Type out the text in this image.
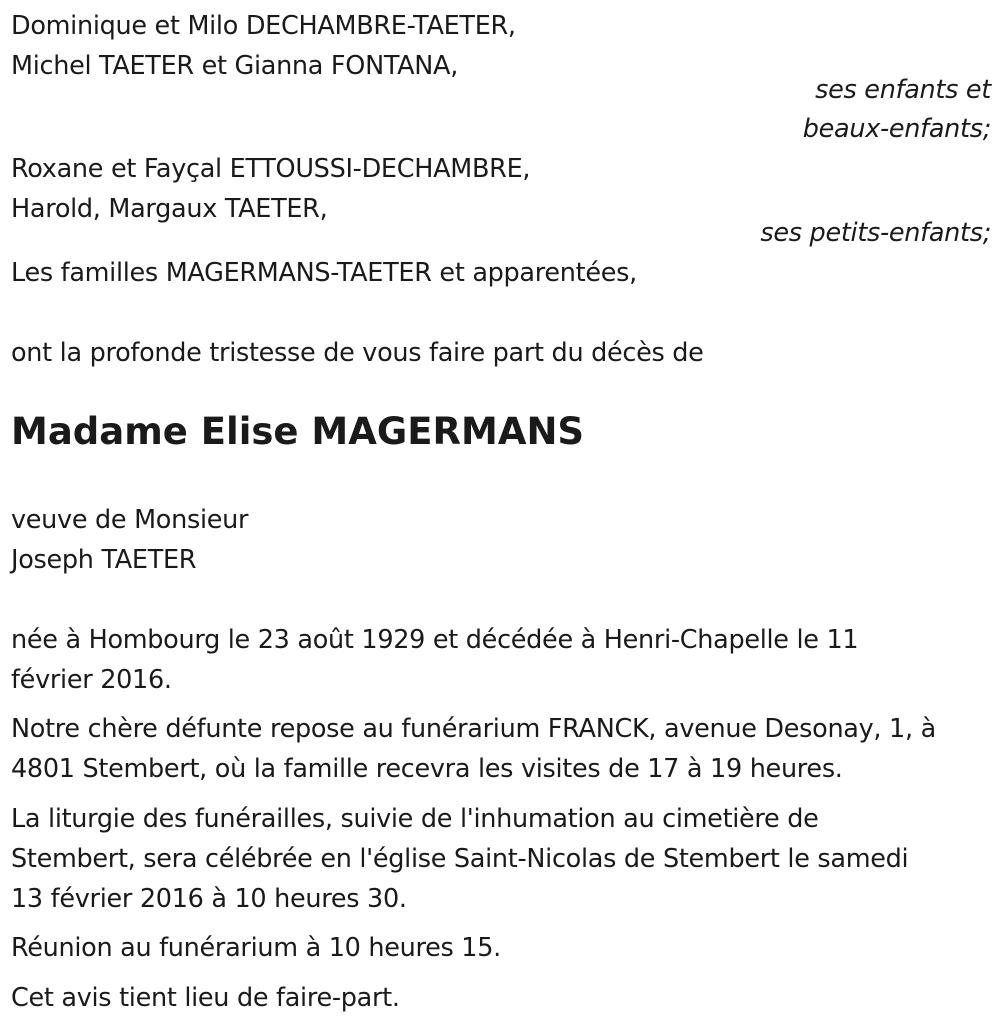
Dominique et Milo DECHAMBRE-TAETER,
Michel TAETER et Gianna FONTANA,
ses enfants et
beaux-enfants;
Roxane et Fayçal ETTOUSSI-DECHAMBRE,
Harold, Margaux TAETER,
ses petits-enfants;
Les familles MAGERMANS-TAETER et apparentées,
ont la profonde tristesse de vous faire part du décès de
Madame Elise MAGERMANS
veuve de Monsieur
Joseph TAETER
née à Hombourg le 23 août 1929 et décédée à Henri-Chapelle le 11
février 2016.
Notre chère défunte repose au funérarium FRANCK, avenue Desonay, 1, à
4801 Stembert, où la famille recevra les visites de 17 à 19 heures.
La liturgie des funérailles, suivie de l'inhumation au cimetière de
Stembert, sera célébrée en l'église Saint-Nicolas de Stembert le samedi
13 février 2016 à 10 heures 30.
Réunion au funérarium à 10 heures 15.
Cet avis tient lieu de faire-part.
